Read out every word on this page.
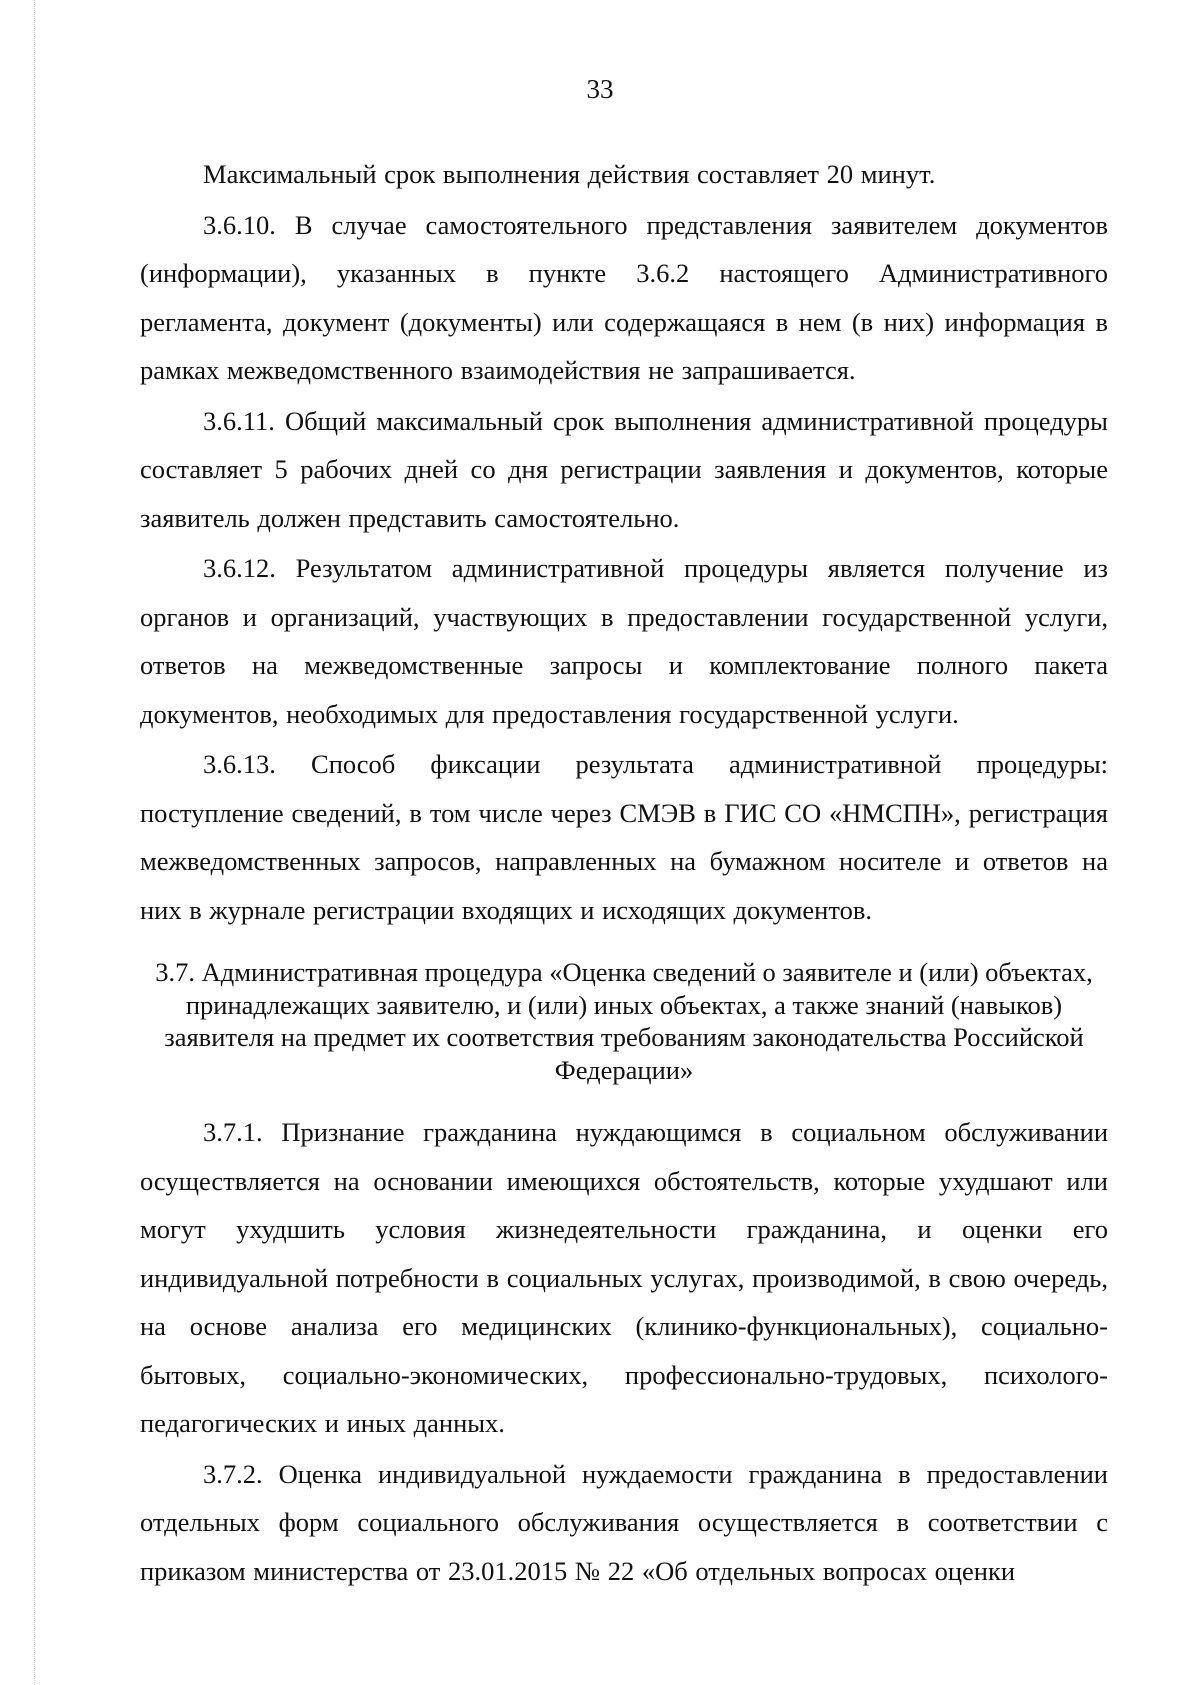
33

Максимальный срок выполнения действия составляет 20 минут.

3.6.10. В случае самостоятельного представления заявителем документов (информации), указанных в пункте 3.6.2 настоящего Административного регламента, документ (документы) или содержащаяся в нем (в них) информация в рамках межведомственного взаимодействия не запрашивается.

3.6.11. Общий максимальный срок выполнения административной процедуры составляет 5 рабочих дней со дня регистрации заявления и документов, которые заявитель должен представить самостоятельно.

3.6.12. Результатом административной процедуры является получение из органов и организаций, участвующих в предоставлении государственной услуги, ответов на межведомственные запросы и комплектование полного пакета документов, необходимых для предоставления государственной услуги.

3.6.13. Способ фиксации результата административной процедуры: поступление сведений, в том числе через СМЭВ в ГИС СО «НМСПН», регистрация межведомственных запросов, направленных на бумажном носителе и ответов на них в журнале регистрации входящих и исходящих документов.

3.7. Административная процедура «Оценка сведений о заявителе и (или) объектах, принадлежащих заявителю, и (или) иных объектах, а также знаний (навыков) заявителя на предмет их соответствия требованиям законодательства Российской Федерации»

3.7.1. Признание гражданина нуждающимся в социальном обслуживании осуществляется на основании имеющихся обстоятельств, которые ухудшают или могут ухудшить условия жизнедеятельности гражданина, и оценки его индивидуальной потребности в социальных услугах, производимой, в свою очередь, на основе анализа его медицинских (клинико-функциональных), социально-бытовых, социально-экономических, профессионально-трудовых, психолого-педагогических и иных данных.

3.7.2. Оценка индивидуальной нуждаемости гражданина в предоставлении отдельных форм социального обслуживания осуществляется в соответствии с приказом министерства от 23.01.2015 № 22 «Об отдельных вопросах оценки
